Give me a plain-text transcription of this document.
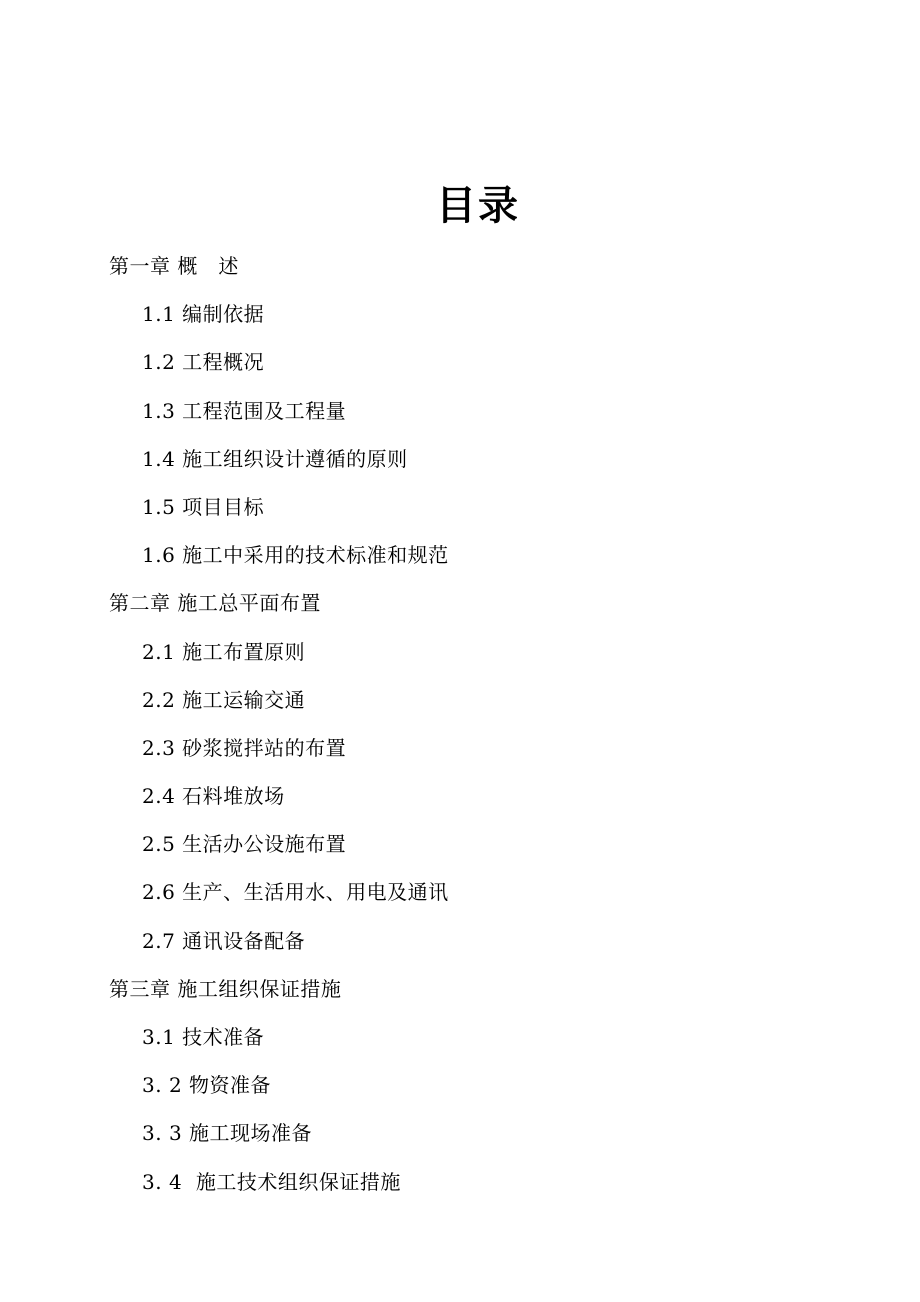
目录
第一章 概   述
1.1 编制依据
1.2 工程概况
1.3 工程范围及工程量
1.4 施工组织设计遵循的原则
1.5 项目目标
1.6 施工中采用的技术标准和规范
第二章 施工总平面布置
2.1 施工布置原则
2.2 施工运输交通
2.3 砂浆搅拌站的布置
2.4 石料堆放场
2.5 生活办公设施布置
2.6 生产、生活用水、用电及通讯
2.7 通讯设备配备
第三章 施工组织保证措施
3.1 技术准备
3. 2 物资准备
3. 3 施工现场准备
3. 4  施工技术组织保证措施
